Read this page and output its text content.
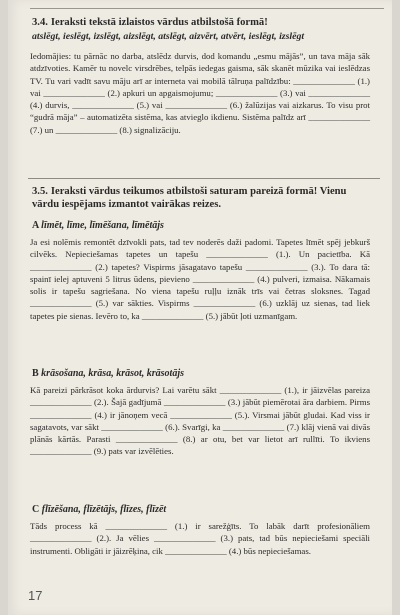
3.4. Ieraksti tekstā izlaistos vārdus atbilstošā formā!
atslēgt, ieslēgt, izslēgt, aizslēgt, atslēgt, aizvērt, atvērt, ieslēgt, izslēgt

Iedomājies: tu pārnāc no darba, atslēdz durvis, dod komandu „esmu mājās”, un tava māja sāk atdzīvoties. Kamēr tu novelc virsdrēbes, telpās iedegas gaisma, sāk skanēt mūzika vai ieslēdzas TV. Tu vari vadīt savu māju arī ar interneta vai mobilā tālruņa palīdzību: ______________ (1.) vai ______________ (2.) apkuri un apgaismojumu; ______________ (3.) vai ______________ (4.) durvis, ______________ (5.) vai ______________ (6.) žalūzijas vai aizkarus. To visu prot “gudrā māja” – automatizēta sistēma, kas atvieglo ikdienu. Sistēma palīdz arī ______________ (7.) un ______________ (8.) signalizāciju.

3.5. Ieraksti vārdus teikumos atbilstoši saturam pareizā formā! Vienu vārdu iespējams izmantot vairākas reizes.
A līmēt, līme, līmēšana, līmētājs

Ja esi nolēmis remontēt dzīvokli pats, tad tev noderēs daži padomi. Tapetes līmēt spēj jebkurš cilvēks. Nepieciešamas tapetes un tapešu ______________ (1.). Un pacietība. Kā ______________ (2.) tapetes? Vispirms jāsagatavo tapešu ______________ (3.). To dara tā: spainī ielej aptuveni 5 litrus ūdens, pievieno ______________ (4.) pulveri, izmaisa. Nākamais solis ir tapešu sagriešana. No viena tapešu ruļļu iznāk trīs vai četras sloksnes. Tagad ______________ (5.) var sākties. Vispirms ______________ (6.) uzklāj uz sienas, tad liek tapetes pie sienas. Ievēro to, ka ______________ (5.) jābūt ļoti uzmanīgam.

B krāsošana, krāsa, krāsot, krāsotājs

Kā pareizi pārkrāsot koka ārdurvis? Lai varētu sākt ______________ (1.), ir jāizvēlas pareiza ______________ (2.). Šajā gadījumā ______________ (3.) jābūt piemērotai āra darbiem. Pirms ______________ (4.) ir jānoņem vecā ______________ (5.). Virsmai jābūt gludai. Kad viss ir sagatavots, var sākt ______________ (6.). Svarīgi, ka ______________ (7.) klāj vienā vai divās plānās kārtās. Parasti ______________ (8.) ar otu, bet var lietot arī rullīti. To ikviens ______________ (9.) pats var izvēlēties.

C flīzēšana, flīzētājs, flīzes, flīzēt

Tāds process kā ______________ (1.) ir sarežģīts. To labāk darīt profesionāliem ______________ (2.). Ja vēlies ______________ (3.) pats, tad būs nepieciešami speciāli instrumenti. Obligāti ir jāizrēķina, cik ______________ (4.) būs nepieciešamas.

17
